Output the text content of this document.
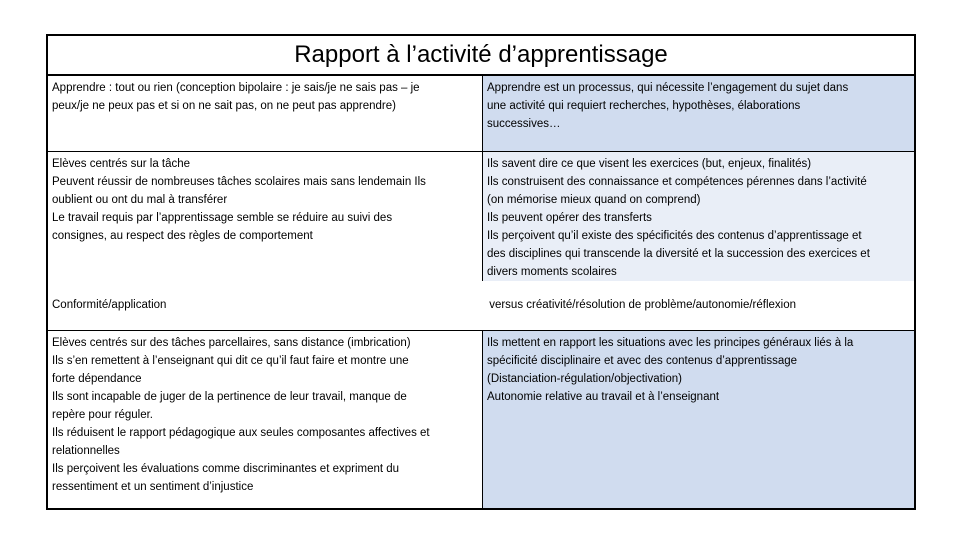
Rapport à l’activité d’apprentissage
Apprendre : tout ou rien (conception bipolaire : je sais/je ne sais pas – je
peux/je ne peux pas et si on ne sait pas, on ne peut pas apprendre)
Apprendre est un processus, qui nécessite l’engagement du sujet dans
une activité qui requiert recherches, hypothèses, élaborations
successives…
Elèves centrés sur la tâche
Peuvent réussir de nombreuses tâches scolaires mais sans lendemain Ils
oublient ou ont du mal à transférer
Le travail requis par l’apprentissage semble se réduire au suivi des
consignes, au respect des règles de comportement
Ils savent dire ce que visent les exercices (but, enjeux, finalités)
Ils construisent des connaissance et compétences pérennes dans l’activité
(on mémorise mieux quand on comprend)
Ils peuvent opérer des transferts
Ils perçoivent qu’il existe des spécificités des contenus d’apprentissage et
des disciplines qui transcende la diversité et la succession des exercices et
divers moments scolaires
Conformité/application	versus créativité/résolution de problème/autonomie/réflexion
Elèves centrés sur des tâches parcellaires, sans distance (imbrication)
Ils s’en remettent à l’enseignant qui dit ce qu’il faut faire et montre une
forte dépendance
Ils sont incapable de juger de la pertinence de leur travail, manque de
repère pour réguler.
Ils réduisent le rapport pédagogique aux seules composantes affectives et
relationnelles
Ils perçoivent les évaluations comme discriminantes et expriment du
ressentiment et un sentiment d’injustice
Ils mettent en rapport les situations avec les principes généraux liés à la
spécificité disciplinaire et avec des contenus d’apprentissage
(Distanciation-régulation/objectivation)
Autonomie relative au travail et à l’enseignant
